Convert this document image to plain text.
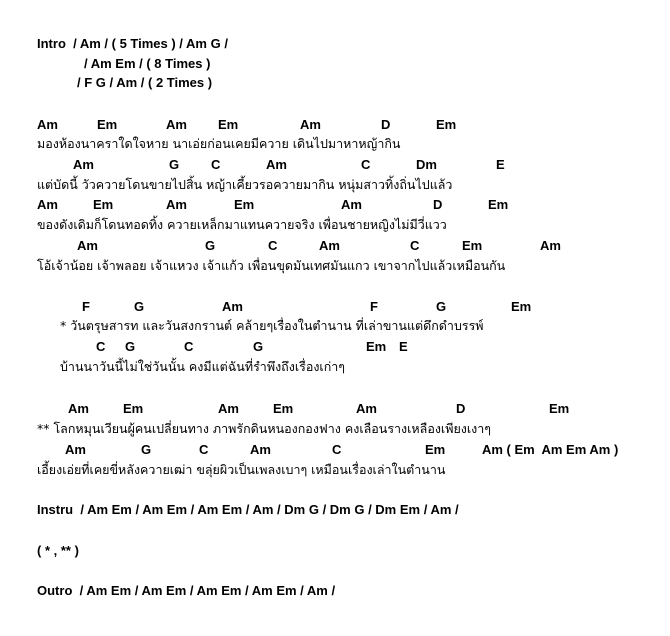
Intro  / Am / ( 5 Times ) / Am G /
/ Am Em / ( 8 Times )
/ F G / Am / ( 2 Times )

Am

	Em

	Am

Em

	Am

	D

	Em

มองห้องนาคราใดใจหาย นาเอ่ยก่อนเคยมีควาย เดินไปมาหาหญ้ากิน

Am

	G

C

	Am

	C

	Dm

	E

แต่บัดนี้ วัวควายโดนขายไปสิ้น หญ้าเคี้ยวรอควายมากิน หนุ่มสาวทิ้งถิ่นไปแล้ว

Am

	Em

	Am

	Em

	Am

	D

	Em

ของดังเดิมก็โดนทอดทิ้ง ควายเหล็กมาแทนควายจริง เพื่อนชายหญิงไม่มีวี่แวว

Am

	G

	C

	Am

	C

	Em

	Am

โอ้เจ้าน้อย เจ้าพลอย เจ้าแหวง เจ้าแก้ว เพื่อนขุดมันเทศมันแกว เขาจากไปแล้วเหมือนกัน

F

	G

	Am

	F

	G

	Em

* วันตรุษสารท และวันสงกรานต์ คล้ายๆเรื่องในตำนาน ที่เล่าขานแต่ดึกดำบรรพ์

C

G

	C

	G

	Em

E

บ้านนาวันนี้ไม่ใช่วันนั้น คงมีแต่ฉันที่รำพึงถึงเรื่องเก่าๆ

Am

	Em

	Am

	Em

	Am

	D

	Em

** โลกหมุนเวียนผู้คนเปลี่ยนทาง ภาพรักดินหนองกองฟาง คงเลือนรางเหลืองเพียงเงาๆ

Am

	G

	C

	Am

	C

	Em

	Am ( Em  Am Em Am )

เอี้ยงเอ่ยที่เคยขี่หลังควายเฒ่า ขลุ่ยผิวเป็นเพลงเบาๆ เหมือนเรื่องเล่าในตำนาน
Instru  / Am Em / Am Em / Am Em / Am / Dm G / Dm G / Dm Em / Am /
( * , ** )
Outro  / Am Em / Am Em / Am Em / Am Em / Am /
